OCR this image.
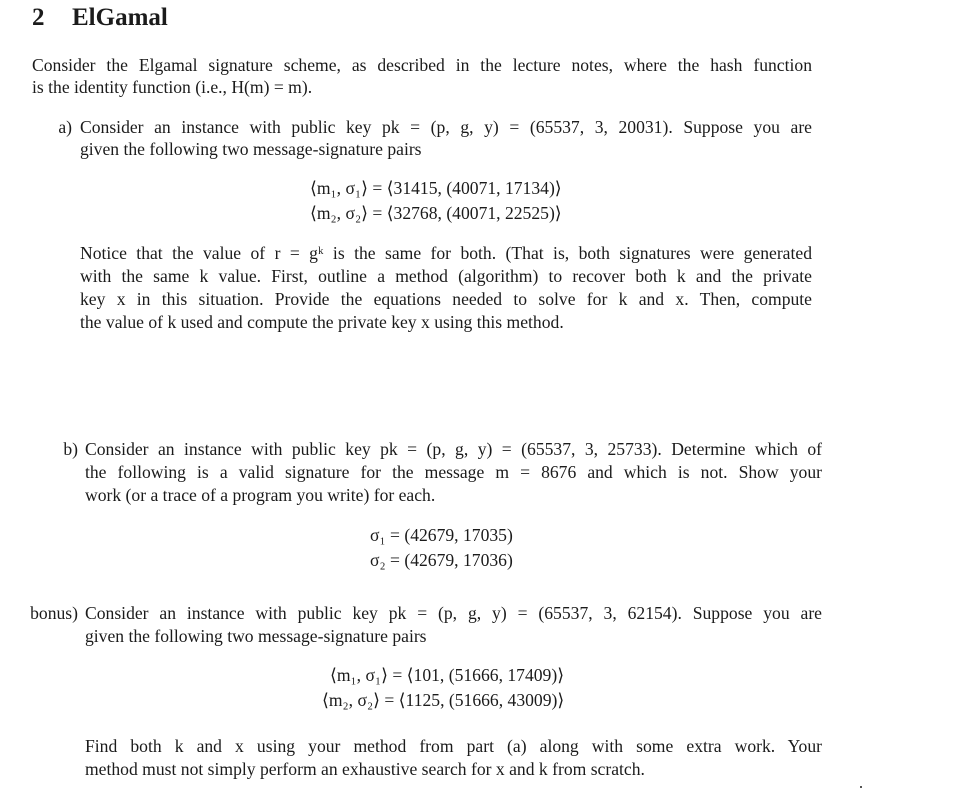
2 ElGamal
Consider the Elgamal signature scheme, as described in the lecture notes, where the hash function
is the identity function (i.e., H(m) = m).
a) Consider an instance with public key pk = (p, g, y) = (65537, 3, 20031). Suppose you are
given the following two message-signature pairs
⟨m₁, σ₁⟩ = ⟨31415, (40071, 17134)⟩
⟨m₂, σ₂⟩ = ⟨32768, (40071, 22525)⟩
Notice that the value of r = gᵏ is the same for both. (That is, both signatures were generated
with the same k value. First, outline a method (algorithm) to recover both k and the private
key x in this situation. Provide the equations needed to solve for k and x. Then, compute
the value of k used and compute the private key x using this method.
b) Consider an instance with public key pk = (p, g, y) = (65537, 3, 25733). Determine which of
the following is a valid signature for the message m = 8676 and which is not. Show your
work (or a trace of a program you write) for each.
σ₁ = (42679, 17035)
σ₂ = (42679, 17036)
bonus) Consider an instance with public key pk = (p, g, y) = (65537, 3, 62154). Suppose you are
given the following two message-signature pairs
⟨m₁, σ₁⟩ = ⟨101, (51666, 17409)⟩
⟨m₂, σ₂⟩ = ⟨1125, (51666, 43009)⟩
Find both k and x using your method from part (a) along with some extra work. Your
method must not simply perform an exhaustive search for x and k from scratch.
